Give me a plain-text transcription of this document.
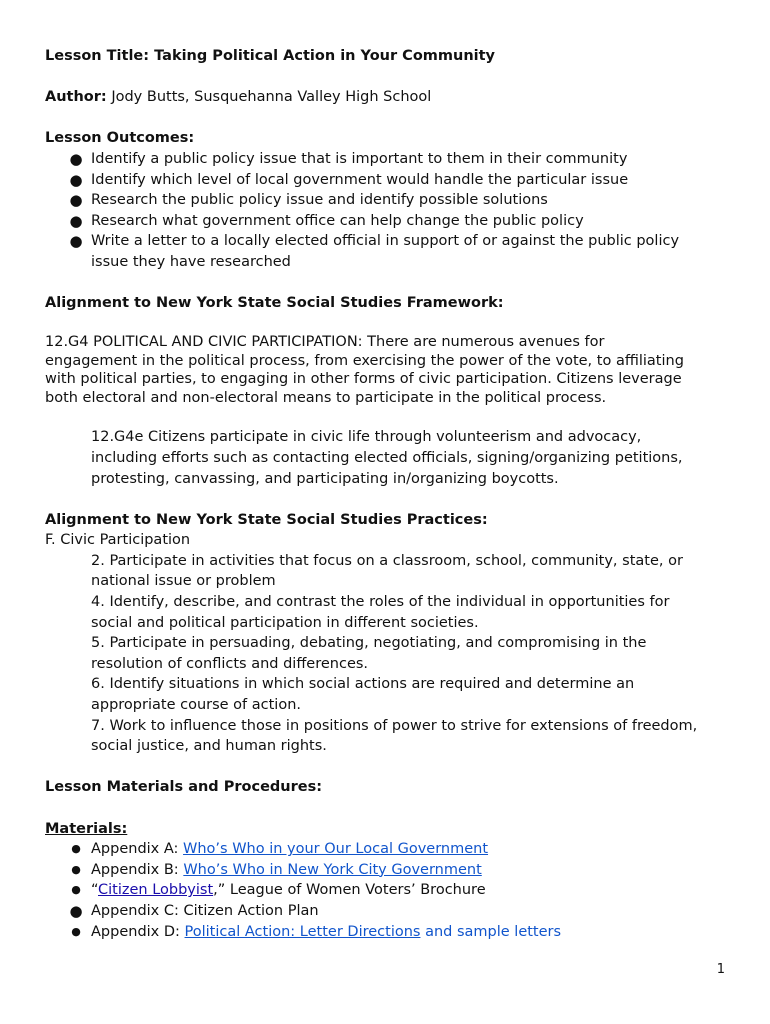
Lesson Title: Taking Political Action in Your Community
Author: Jody Butts, Susquehanna Valley High School
Lesson Outcomes:
● Identify a public policy issue that is important to them in their community
● Identify which level of local government would handle the particular issue
● Research the public policy issue and identify possible solutions
● Research what government office can help change the public policy
● Write a letter to a locally elected official in support of or against the public policy
issue they have researched
Alignment to New York State Social Studies Framework:
12.G4 POLITICAL AND CIVIC PARTICIPATION: There are numerous avenues for
engagement in the political process, from exercising the power of the vote, to affiliating
with political parties, to engaging in other forms of civic participation. Citizens leverage
both electoral and non-electoral means to participate in the political process.
12.G4e Citizens participate in civic life through volunteerism and advocacy,
including efforts such as contacting elected officials, signing/organizing petitions,
protesting, canvassing, and participating in/organizing boycotts.
Alignment to New York State Social Studies Practices:
F. Civic Participation
2. Participate in activities that focus on a classroom, school, community, state, or
national issue or problem
4. Identify, describe, and contrast the roles of the individual in opportunities for
social and political participation in different societies.
5. Participate in persuading, debating, negotiating, and compromising in the
resolution of conflicts and differences.
6. Identify situations in which social actions are required and determine an
appropriate course of action.
7. Work to influence those in positions of power to strive for extensions of freedom,
social justice, and human rights.
Lesson Materials and Procedures:
Materials:
● Appendix A: Who’s Who in your Our Local Government
● Appendix B: Who’s Who in New York City Government
● “Citizen Lobbyist,” League of Women Voters’ Brochure
● Appendix C: Citizen Action Plan
● Appendix D: Political Action: Letter Directions and sample letters
1
